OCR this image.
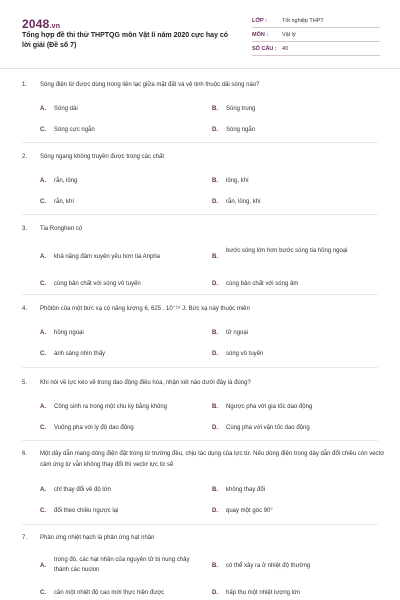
2048.vn
Tổng hợp đề thi thử THPTQG môn Vật lí năm 2020 cực hay có lời giải (Đề số 7)
LỚP :	Tốt nghiệp THPT
MÔN :	Vật lý
SỐ CÂU : 40
1. Sóng điện từ được dùng trong liên lạc giữa mặt đất và vệ tinh thuộc dải sóng nào?
A.	Sóng dài	B.	Sóng trung
C.	Sóng cực ngắn	D.	Sóng ngắn
2. Sóng ngang không truyền được trong các chất
A.	rắn, lỏng	B.	lỏng, khí
C.	rắn, khí	D.	rắn, lỏng, khí
3. Tia Ronghen có
A.	khả năng đâm xuyên yếu hơn tia Anpha	B.
bước sóng lớn hơn bước sóng tia hồng ngoại
C.	cùng bản chất với sóng vô tuyến	D.	cùng bản chất với sóng âm
4. Phôtôn của một bức xạ có năng lượng 6, 625 . 10⁻¹⁹ J. Bức xạ này thuộc miền
A.	hồng ngoại	B.	tử ngoại
C.	ánh sáng nhìn thấy	D.	sóng vô tuyến
5. Khi nói về lực kéo về trong dao động điều hòa, nhận xét nào dưới đây là đúng?
A.	Công sinh ra trong một chu kỳ bằng không	B.	Ngược pha với gia tốc dao động
C.	Vuông pha với ly độ dao động	D.	Cùng pha với vận tốc dao động
6. Một dây dẫn mang dòng điện đặt trong từ trường đều, chịu tác dụng của lực từ. Nếu dòng điện trong dây dẫn đổi chiều còn vectơ cảm ứng từ vẫn không thay đổi thì vectơ lực từ sẽ
A.	chỉ thay đổi về độ lớn	B.	không thay đổi
C.	đổi theo chiều ngược lại	D.	quay một góc 90°
7. Phản ứng nhiệt hạch là phản ứng hạt nhân
A.
trong đó, các hạt nhân của nguyên tử bị nung chảy thành các nuclon
B.	có thể xảy ra ở nhiệt độ thường
C.	cần một nhiệt độ cao mới thực hiện được	D.	hấp thụ một nhiệt lượng lớn
